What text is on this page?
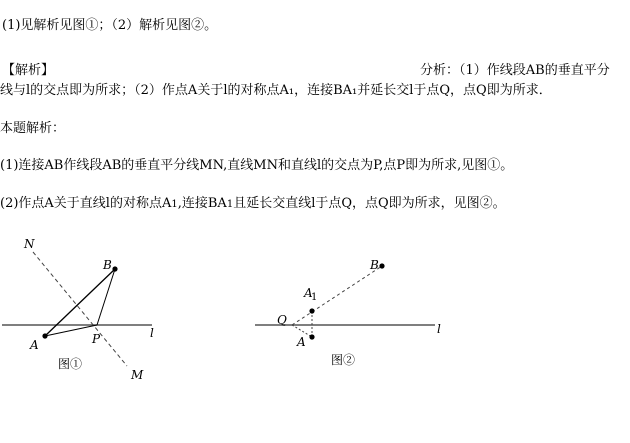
(1)见解析见图①；（2）解析见图②。
【解析】	分析：（1）作线段AB的垂直平分
线与l的交点即为所求；（2）作点A关于l的对称点A₁，连接BA₁并延长交l于点Q，点Q即为所求．
本题解析：
(1)连接AB作线段AB的垂直平分线MN,直线MN和直线l的交点为P,点P即为所求,见图①。
(2)作点A关于直线l的对称点A1,连接BA1且延长交直线l于点Q，点Q即为所求，见图②。
N
B
A	P	l
M
图①
B
A
1
Q
A
l
图②
